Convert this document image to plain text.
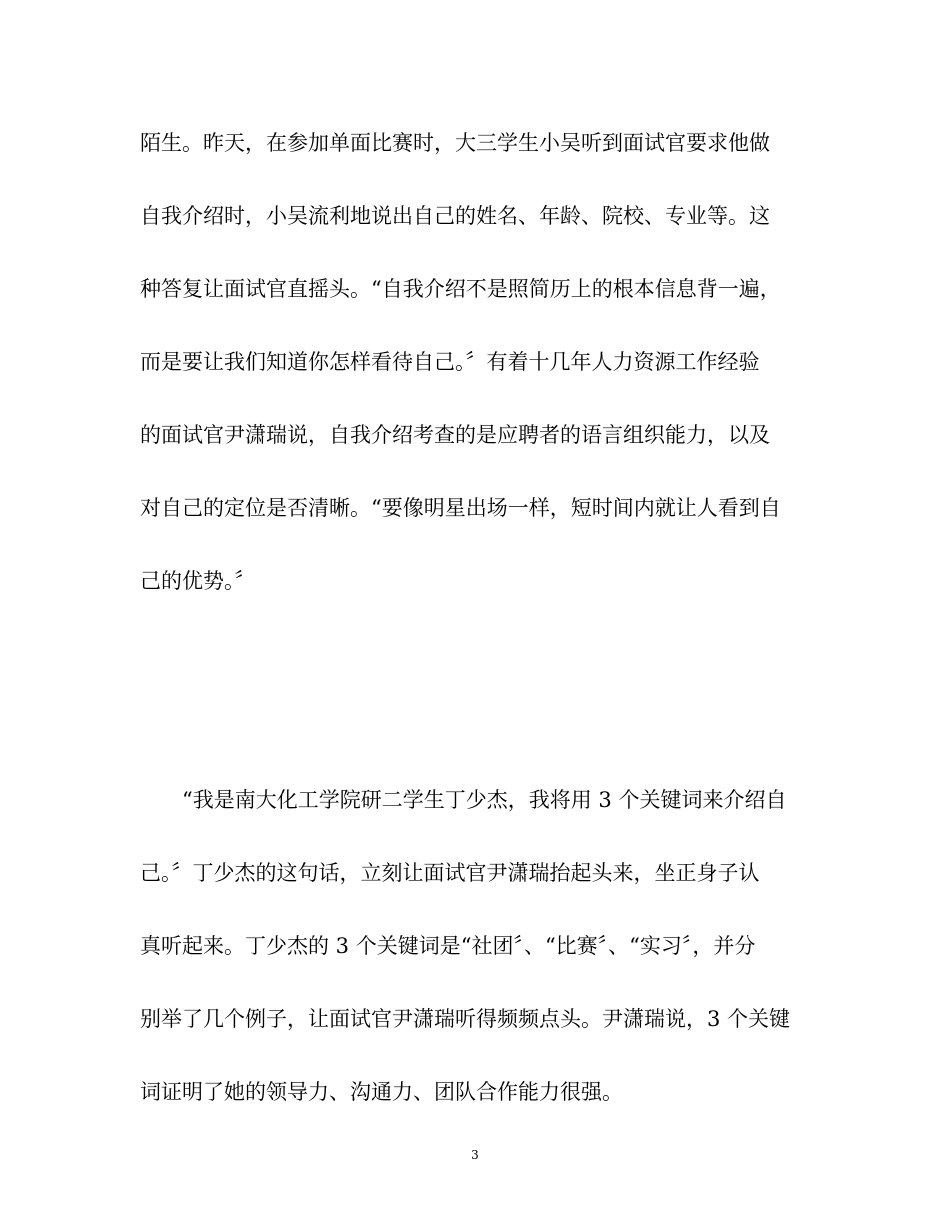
陌生。昨天，在参加单面比赛时，大三学生小吴听到面试官要求他做
自我介绍时，小吴流利地说出自己的姓名、年龄、院校、专业等。这
种答复让面试官直摇头。“自我介绍不是照简历上的根本信息背一遍，
而是要让我们知道你怎样看待自己。〞有着十几年人力资源工作经验
的面试官尹潇瑞说，自我介绍考查的是应聘者的语言组织能力，以及
对自己的定位是否清晰。“要像明星出场一样，短时间内就让人看到自
己的优势。〞
“我是南大化工学院研二学生丁少杰，我将用 3 个关键词来介绍自
己。〞丁少杰的这句话，立刻让面试官尹潇瑞抬起头来，坐正身子认
真听起来。丁少杰的 3 个关键词是“社团〞、“比赛〞、“实习〞，并分
别举了几个例子，让面试官尹潇瑞听得频频点头。尹潇瑞说，3 个关键
词证明了她的领导力、沟通力、团队合作能力很强。
3
